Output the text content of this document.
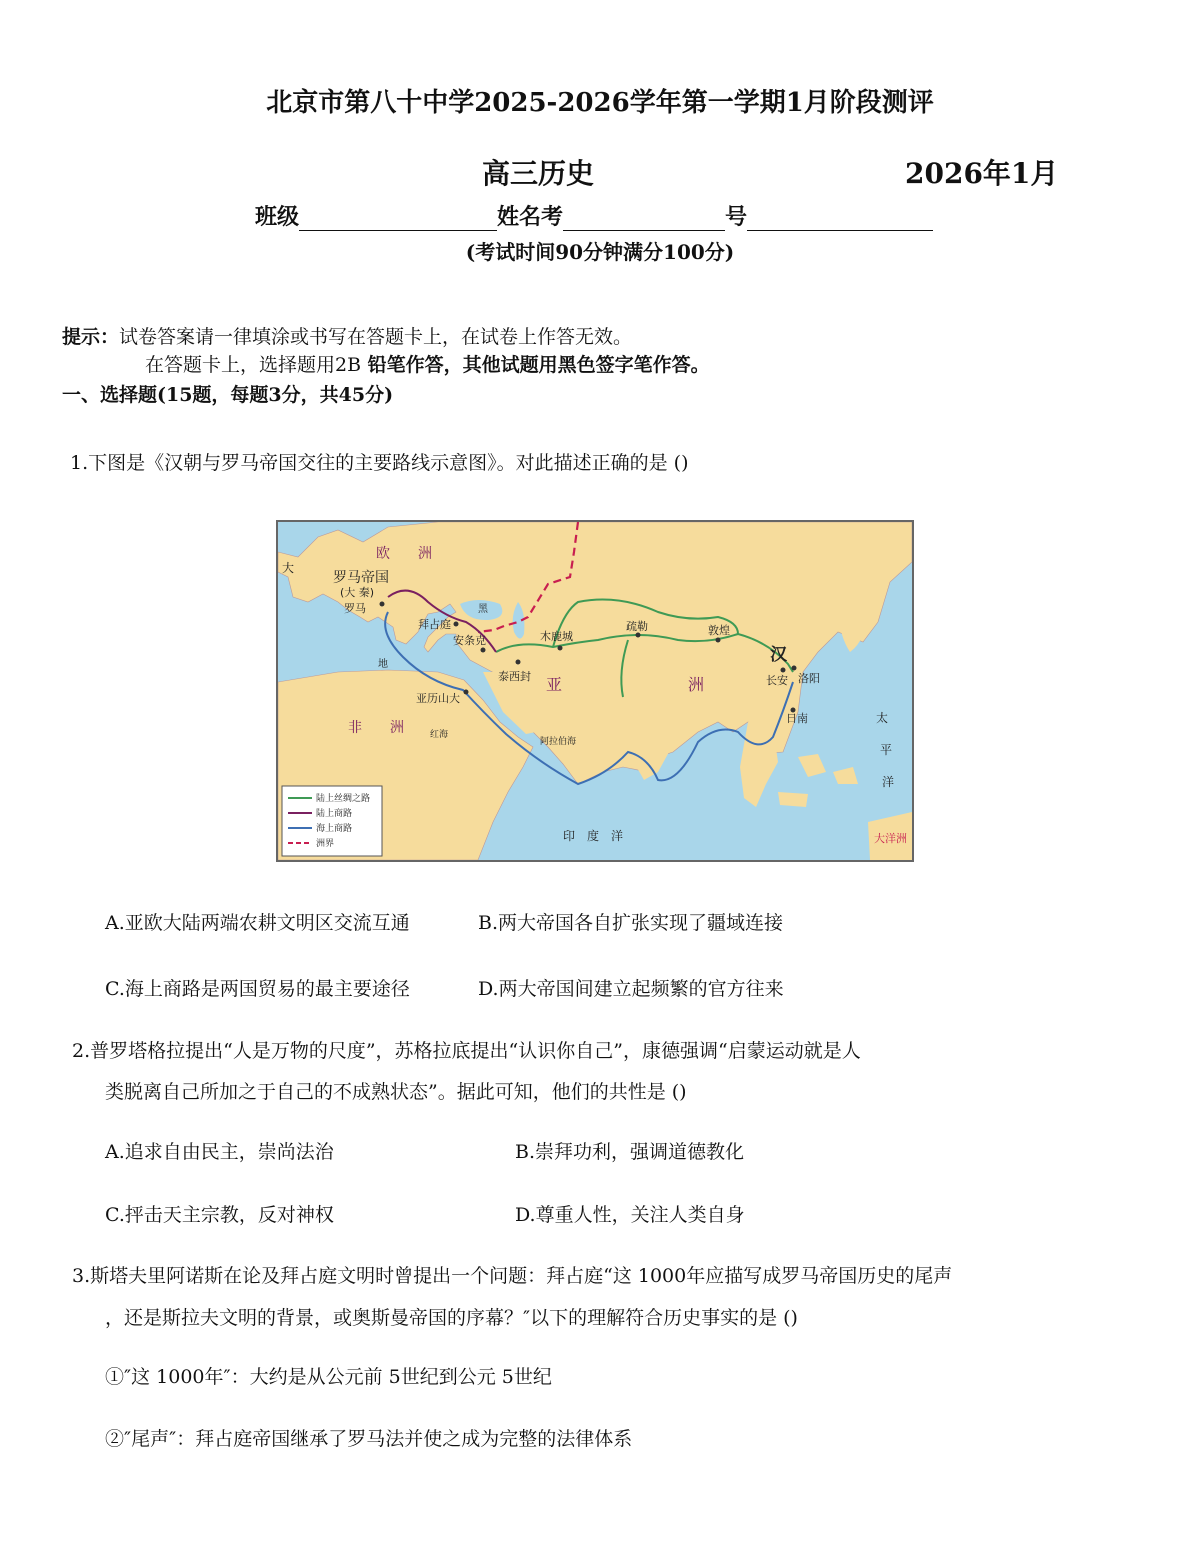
北京市第八十中学2025-2026学年第一学期1月阶段测评
高三历史	2026年1月
班级	姓名考	号
(考试时间90分钟满分100分)
提示：试卷答案请一律填涂或书写在答题卡上，在试卷上作答无效。
在答题卡上，选择题用2B 铅笔作答，其他试题用黑色签字笔作答。
一、选择题(15题，每题3分，共45分)
1.下图是《汉朝与罗马帝国交往的主要路线示意图》。对此描述正确的是 ()
欧　　洲
罗马帝国
(大 秦)
罗马
拜占庭
安条克
亚历山大
泰西封
木鹿城
疏勒	敦煌
汉
长安 洛阳
日南
亚	洲
非　　洲
印　度　洋
太
平
洋
大洋洲
大
红海
阿拉伯海
地
黑
陆上丝绸之路
陆上商路
海上商路
洲界
A.亚欧大陆两端农耕文明区交流互通	B.两大帝国各自扩张实现了疆域连接
C.海上商路是两国贸易的最主要途径	D.两大帝国间建立起频繁的官方往来
2.普罗塔格拉提出“人是万物的尺度”，苏格拉底提出“认识你自己”，康德强调“启蒙运动就是人
类脱离自己所加之于自己的不成熟状态”。据此可知，他们的共性是 ()
A.追求自由民主，崇尚法治	B.崇拜功利，强调道德教化
C.抨击天主宗教，反对神权	D.尊重人性，关注人类自身
3.斯塔夫里阿诺斯在论及拜占庭文明时曾提出一个问题：拜占庭“这 1000年应描写成罗马帝国历史的尾声
，还是斯拉夫文明的背景，或奥斯曼帝国的序幕？″以下的理解符合历史事实的是 ()
①″这 1000年″：大约是从公元前 5世纪到公元 5世纪
②″尾声″：拜占庭帝国继承了罗马法并使之成为完整的法律体系
